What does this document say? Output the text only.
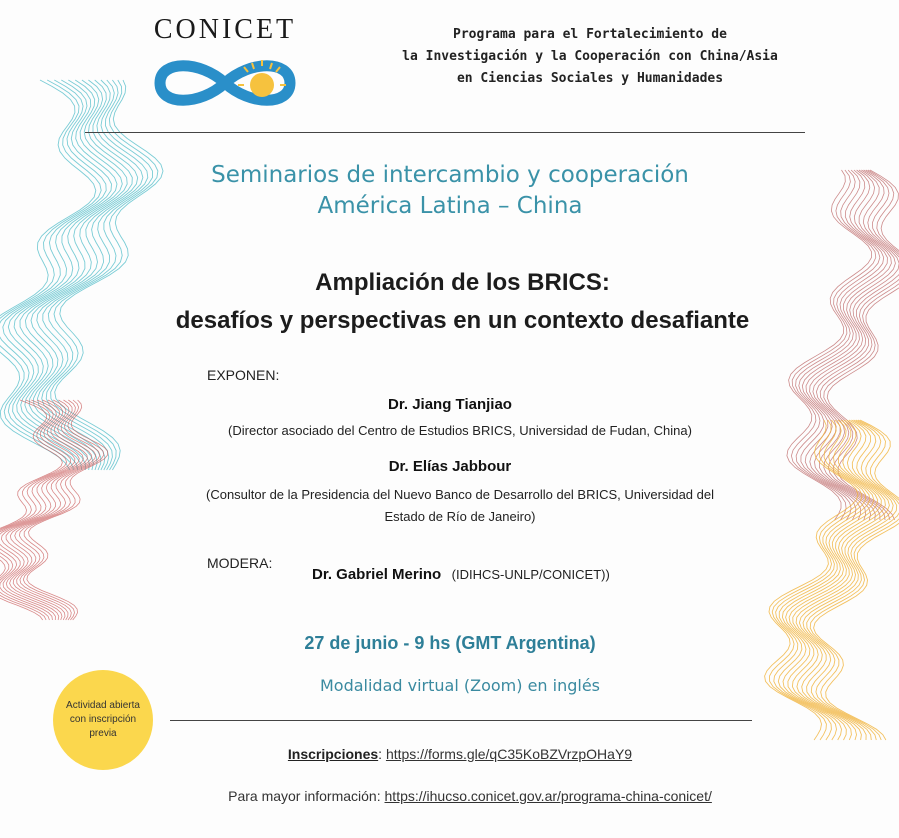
CONICET	Programa para el Fortalecimiento de
la Investigación y la Cooperación con China/Asia
en Ciencias Sociales y Humanidades
Seminarios de intercambio y cooperación
América Latina – China
Ampliación de los BRICS:
desafíos y perspectivas en un contexto desafiante
EXPONEN:
Dr. Jiang Tianjiao
(Director asociado del Centro de Estudios BRICS, Universidad de Fudan, China)
Dr. Elías Jabbour
(Consultor de la Presidencia del Nuevo Banco de Desarrollo del BRICS, Universidad del
Estado de Río de Janeiro)
MODERA:
Dr. Gabriel Merino (IDIHCS-UNLP/CONICET))
27 de junio - 9 hs (GMT Argentina)
Modalidad virtual (Zoom) en inglés
Actividad abierta con inscripción previa
Inscripciones: https://forms.gle/qC35KoBZVrzpOHaY9
Para mayor información: https://ihucso.conicet.gov.ar/programa-china-conicet/
